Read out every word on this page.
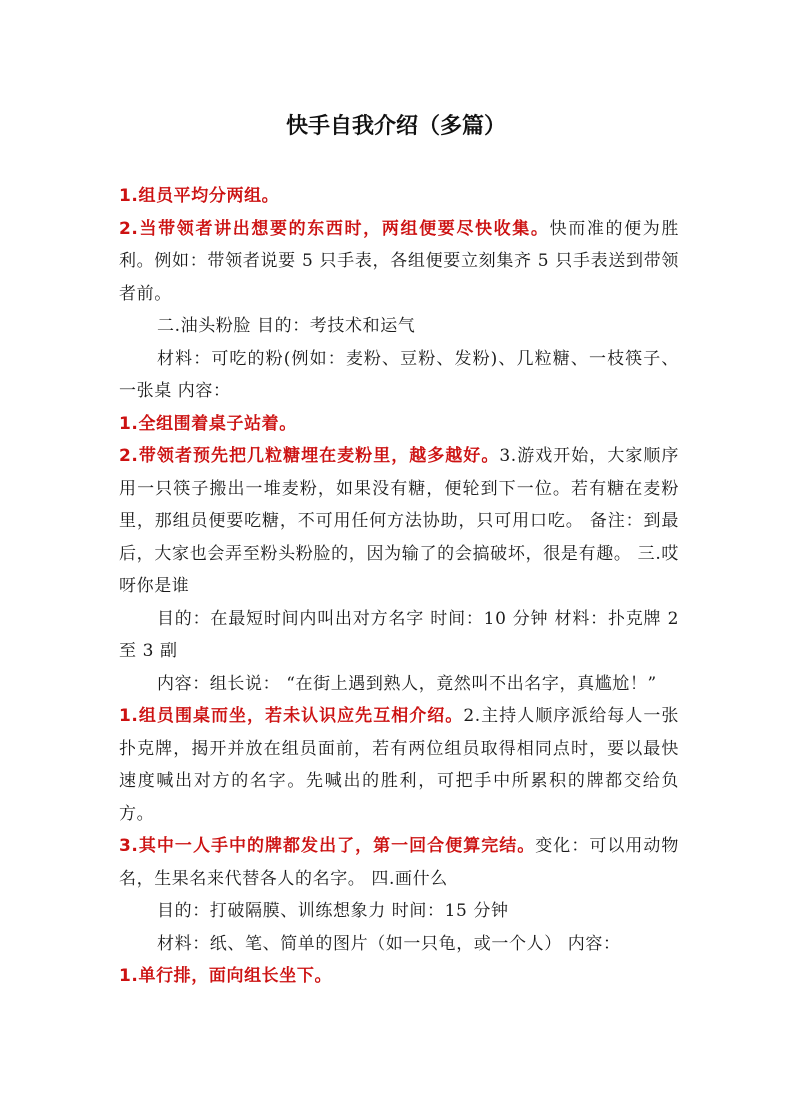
快手自我介绍（多篇）

1.组员平均分两组。

2.当带领者讲出想要的东西时，两组便要尽快收集。快而准的便为胜利。例如：带领者说要 5 只手表，各组便要立刻集齐 5 只手表送到带领者前。

二.油头粉脸 目的：考技术和运气

材料：可吃的粉(例如：麦粉、豆粉、发粉)、几粒糖、一枝筷子、一张桌 内容：

1.全组围着桌子站着。

2.带领者预先把几粒糖埋在麦粉里，越多越好。3.游戏开始，大家顺序用一只筷子搬出一堆麦粉，如果没有糖，便轮到下一位。若有糖在麦粉里，那组员便要吃糖，不可用任何方法协助，只可用口吃。 备注：到最后，大家也会弄至粉头粉脸的，因为输了的会搞破坏，很是有趣。 三.哎呀你是谁

目的：在最短时间内叫出对方名字 时间：10 分钟 材料：扑克牌 2 至 3 副

内容：组长说： “在街上遇到熟人，竟然叫不出名字，真尴尬！”

1.组员围桌而坐，若未认识应先互相介绍。2.主持人顺序派给每人一张扑克牌，揭开并放在组员面前，若有两位组员取得相同点时，要以最快速度喊出对方的名字。先喊出的胜利，可把手中所累积的牌都交给负方。

3.其中一人手中的牌都发出了，第一回合便算完结。变化：可以用动物名，生果名来代替各人的名字。 四.画什么

目的：打破隔膜、训练想象力 时间：15 分钟

材料：纸、笔、简单的图片（如一只龟，或一个人） 内容：

1.单行排，面向组长坐下。
